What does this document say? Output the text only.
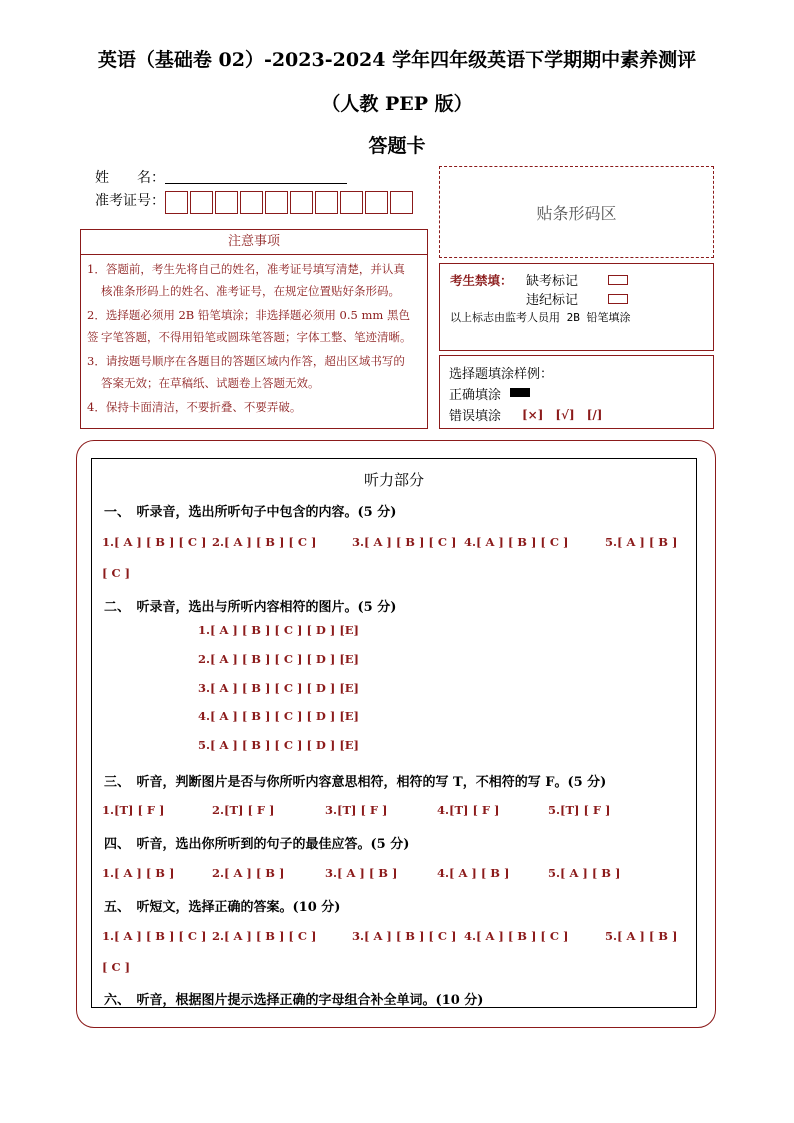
英语（基础卷 02）-2023-2024 学年四年级英语下学期期中素养测评
（人教 PEP 版）
答题卡
姓　　名：
准考证号：
贴条形码区
注意事项
1．答题前，考生先将自己的姓名，准考证号填写清楚，并认真
核准条形码上的姓名、准考证号，在规定位置贴好条形码。
2．选择题必须用 2B 铅笔填涂；非选择题必须用 0.5 mm 黑色签 字笔答题，不得用铅笔或圆珠笔答题；字体工整、笔迹清晰。
3．请按题号顺序在各题目的答题区域内作答，超出区域书写的
答案无效；在草稿纸、试题卷上答题无效。
4．保持卡面清洁，不要折叠、不要弄破。
考生禁填： 缺考标记
违纪标记
以上标志由监考人员用 2B 铅笔填涂
选择题填涂样例：
正确填涂
错误填涂 [×]　[√]　[/]
听力部分
一、　听录音，选出所听句子中包含的内容。(5 分)
1.[ A ] [ B ] [ C ] 2.[ A ] [ B ] [ C ]	3.[ A ] [ B ] [ C ] 4.[ A ] [ B ] [ C ]	5.[ A ] [ B ]
[ C ]
二、　听录音，选出与所听内容相符的图片。(5 分)
1.[ A ] [ B ] [ C ] [ D ] [E]
2.[ A ] [ B ] [ C ] [ D ] [E]
3.[ A ] [ B ] [ C ] [ D ] [E]
4.[ A ] [ B ] [ C ] [ D ] [E]
5.[ A ] [ B ] [ C ] [ D ] [E]
三、　听音，判断图片是否与你所听内容意思相符，相符的写 T，不相符的写 F。(5 分)
1.[T] [ F ]	2.[T] [ F ]	3.[T] [ F ]	4.[T] [ F ]	5.[T] [ F ]
四、　听音，选出你所听到的句子的最佳应答。(5 分)
1.[ A ] [ B ]	2.[ A ] [ B ]	3.[ A ] [ B ]	4.[ A ] [ B ]	5.[ A ] [ B ]
五、　听短文，选择正确的答案。(10 分)
1.[ A ] [ B ] [ C ] 2.[ A ] [ B ] [ C ]	3.[ A ] [ B ] [ C ] 4.[ A ] [ B ] [ C ]	5.[ A ] [ B ]
[ C ]
六、　听音，根据图片提示选择正确的字母组合补全单词。(10 分)
